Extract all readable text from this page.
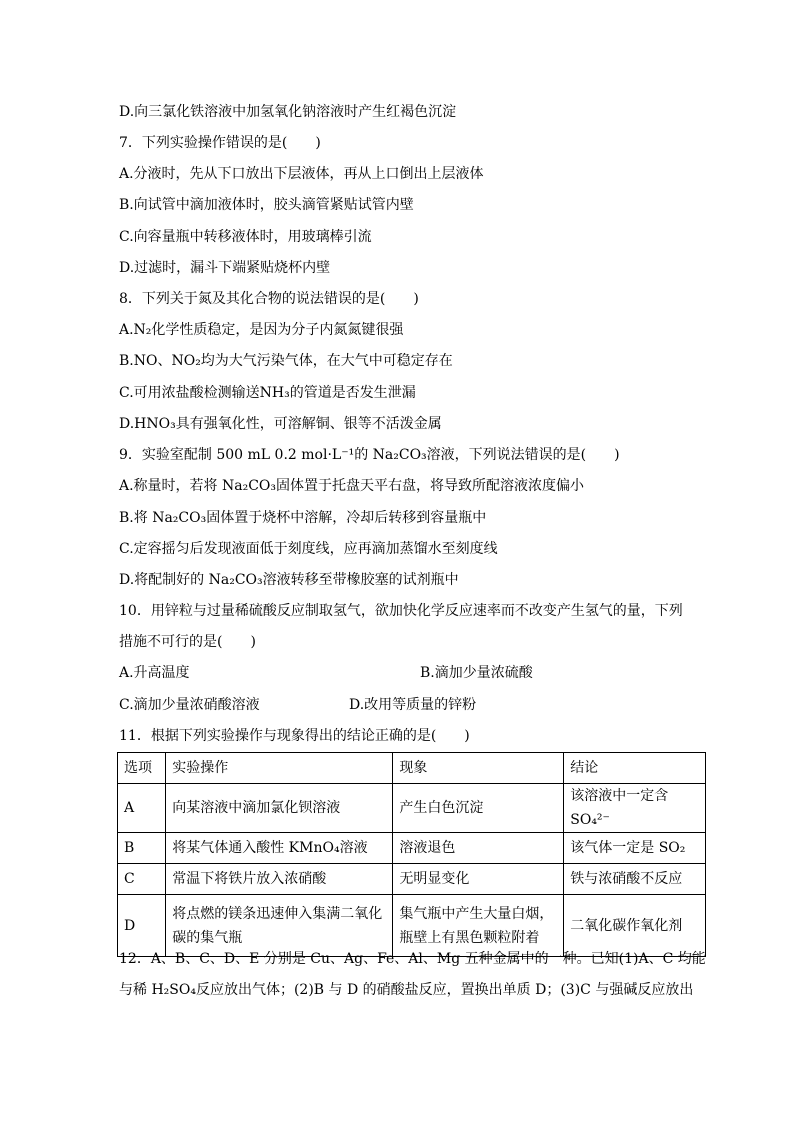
D.向三氯化铁溶液中加氢氧化钠溶液时产生红褐色沉淀
7．下列实验操作错误的是(　　)
A.分液时，先从下口放出下层液体，再从上口倒出上层液体
B.向试管中滴加液体时，胶头滴管紧贴试管内壁
C.向容量瓶中转移液体时，用玻璃棒引流
D.过滤时，漏斗下端紧贴烧杯内壁
8．下列关于氮及其化合物的说法错误的是(　　)
A.N₂化学性质稳定，是因为分子内氮氮键很强
B.NO、NO₂均为大气污染气体，在大气中可稳定存在
C.可用浓盐酸检测输送NH₃的管道是否发生泄漏
D.HNO₃具有强氧化性，可溶解铜、银等不活泼金属
9．实验室配制 500 mL 0.2 mol·L⁻¹的 Na₂CO₃溶液，下列说法错误的是(　　)
A.称量时，若将 Na₂CO₃固体置于托盘天平右盘，将导致所配溶液浓度偏小
B.将 Na₂CO₃固体置于烧杯中溶解，冷却后转移到容量瓶中
C.定容摇匀后发现液面低于刻度线，应再滴加蒸馏水至刻度线
D.将配制好的 Na₂CO₃溶液转移至带橡胶塞的试剂瓶中
10．用锌粒与过量稀硫酸反应制取氢气，欲加快化学反应速率而不改变产生氢气的量，下列
措施不可行的是(　　)
A.升高温度	B.滴加少量浓硫酸
C.滴加少量浓硝酸溶液	D.改用等质量的锌粉
11．根据下列实验操作与现象得出的结论正确的是(　　)
选项	实验操作	现象	结论
A	向某溶液中滴加氯化钡溶液	产生白色沉淀	该溶液中一定含 SO₄²⁻
B	将某气体通入酸性 KMnO₄溶液	溶液退色	该气体一定是 SO₂
C	常温下将铁片放入浓硝酸	无明显变化	铁与浓硝酸不反应
D	将点燃的镁条迅速伸入集满二氧化碳的集气瓶	集气瓶中产生大量白烟，瓶壁上有黑色颗粒附着	二氧化碳作氧化剂
12．A、B、C、D、E 分别是 Cu、Ag、Fe、Al、Mg 五种金属中的一种。已知(1)A、C 均能
与稀 H₂SO₄反应放出气体；(2)B 与 D 的硝酸盐反应，置换出单质 D；(3)C 与强碱反应放出
